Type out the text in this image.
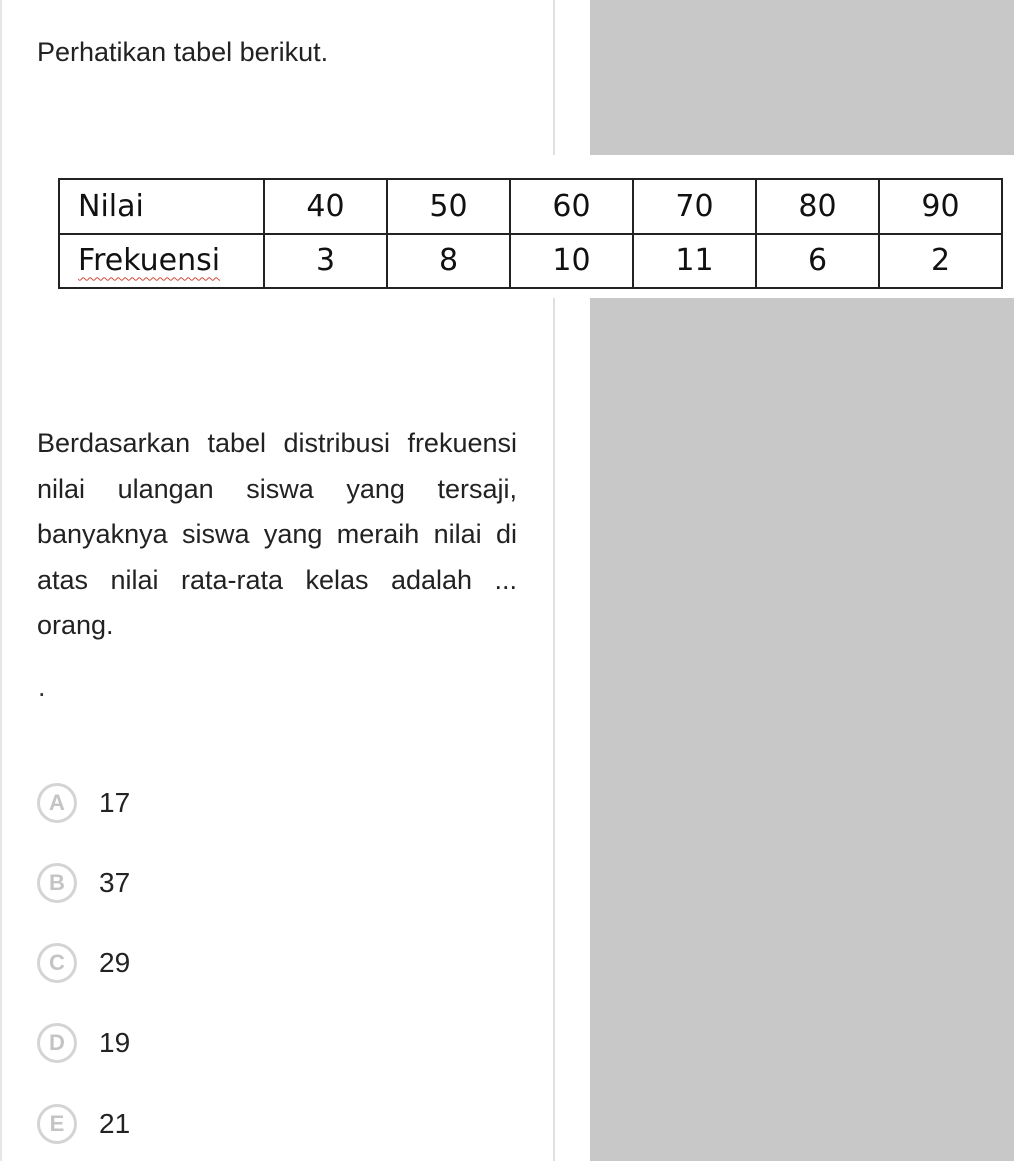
Perhatikan tabel berikut.
Nilai	40	50	60	70	80	90
Frekuensi	3	8	10	11	6	2
Berdasarkan tabel distribusi frekuensi nilai ulangan siswa yang tersaji, banyaknya siswa yang meraih nilai di atas nilai rata-rata kelas adalah ... orang.
.
A	17
B	37
C	29
D	19
E	21
